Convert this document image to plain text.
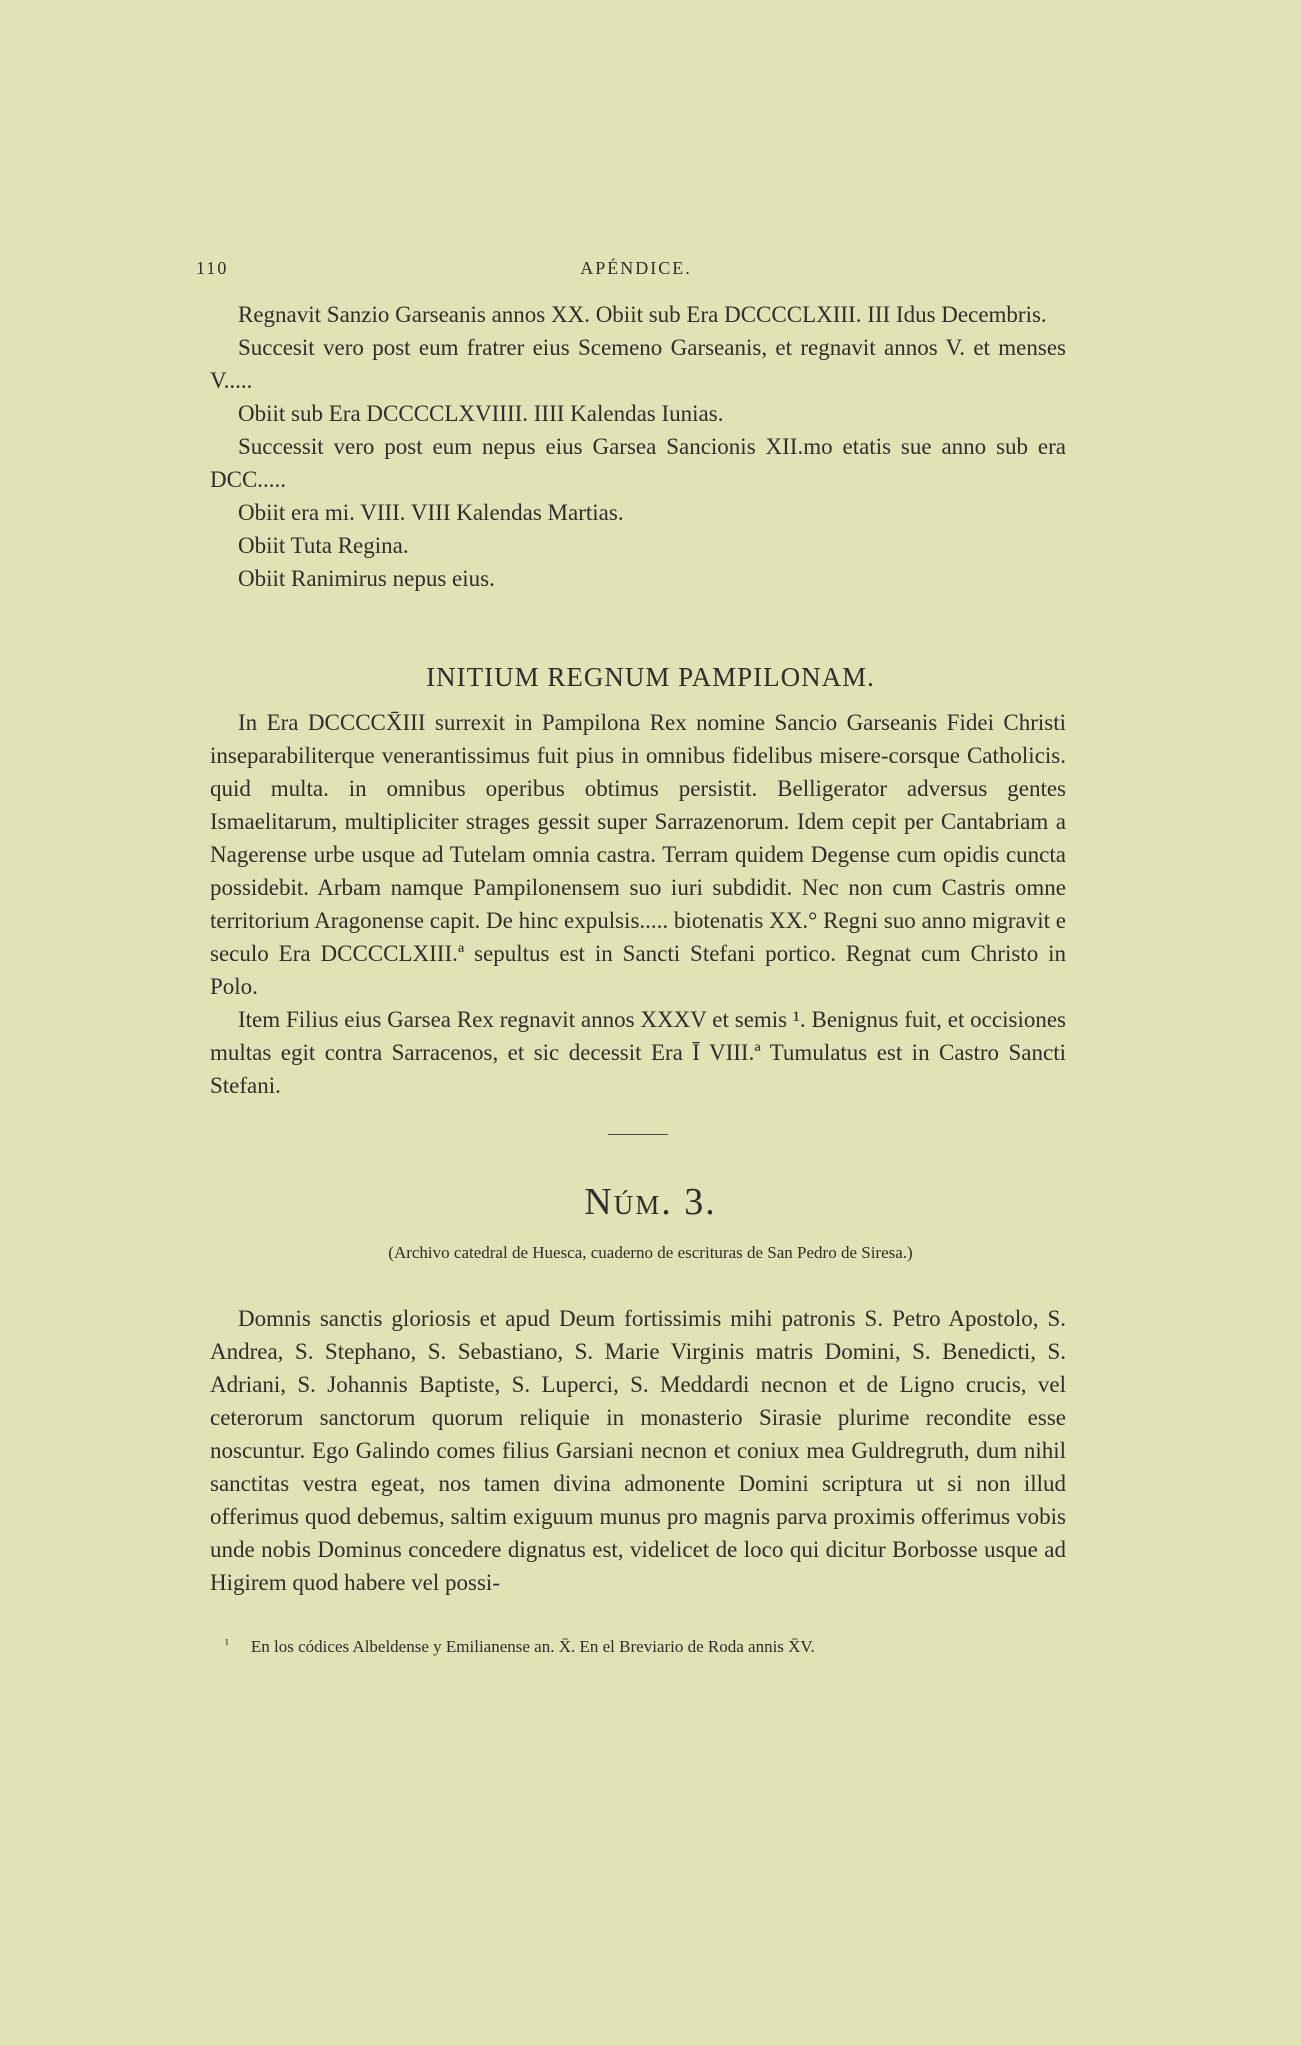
110	APÉNDICE.

Regnavit Sanzio Garseanis annos XX. Obiit sub Era DCCCCLXIII. III Idus Decembris.

Succesit vero post eum fratrer eius Scemeno Garseanis, et regnavit annos V. et menses V.....

Obiit sub Era DCCCCLXVIIII. IIII Kalendas Iunias.

Successit vero post eum nepus eius Garsea Sancionis XII.mo etatis sue anno sub era DCC.....

Obiit era mi. VIII. VIII Kalendas Martias.

Obiit Tuta Regina.

Obiit Ranimirus nepus eius.

INITIUM REGNUM PAMPILONAM.

In Era DCCCCX̄III surrexit in Pampilona Rex nomine Sancio Garseanis Fidei Christi inseparabiliterque venerantissimus fuit pius in omnibus fidelibus misere-corsque Catholicis. quid multa. in omnibus operibus obtimus persistit. Belligerator adversus gentes Ismaelitarum, multipliciter strages gessit super Sarrazenorum. Idem cepit per Cantabriam a Nagerense urbe usque ad Tutelam omnia castra. Terram quidem Degense cum opidis cuncta possidebit. Arbam namque Pampilonensem suo iuri subdidit. Nec non cum Castris omne territorium Aragonense capit. De hinc expulsis..... biotenatis XX.° Regni suo anno migravit e seculo Era DCCCCLXIII.ª sepultus est in Sancti Stefani portico. Regnat cum Christo in Polo.

Item Filius eius Garsea Rex regnavit annos XXXV et semis ¹. Benignus fuit, et occisiones multas egit contra Sarracenos, et sic decessit Era Ī VIII.ª Tumulatus est in Castro Sancti Stefani.

Núm. 3.
(Archivo catedral de Huesca, cuaderno de escrituras de San Pedro de Siresa.)

Domnis sanctis gloriosis et apud Deum fortissimis mihi patronis S. Petro Apostolo, S. Andrea, S. Stephano, S. Sebastiano, S. Marie Virginis matris Domini, S. Benedicti, S. Adriani, S. Johannis Baptiste, S. Luperci, S. Meddardi necnon et de Ligno crucis, vel ceterorum sanctorum quorum reliquie in monasterio Sirasie plurime recondite esse noscuntur. Ego Galindo comes filius Garsiani necnon et coniux mea Guldregruth, dum nihil sanctitas vestra egeat, nos tamen divina admonente Domini scriptura ut si non illud offerimus quod debemus, saltim exiguum munus pro magnis parva proximis offerimus vobis unde nobis Dominus concedere dignatus est, videlicet de loco qui dicitur Borbosse usque ad Higirem quod habere vel possi-

$^{^1}$ En los códices Albeldense y Emilianense an. X̄. En el Breviario de Roda annis X̄V.
